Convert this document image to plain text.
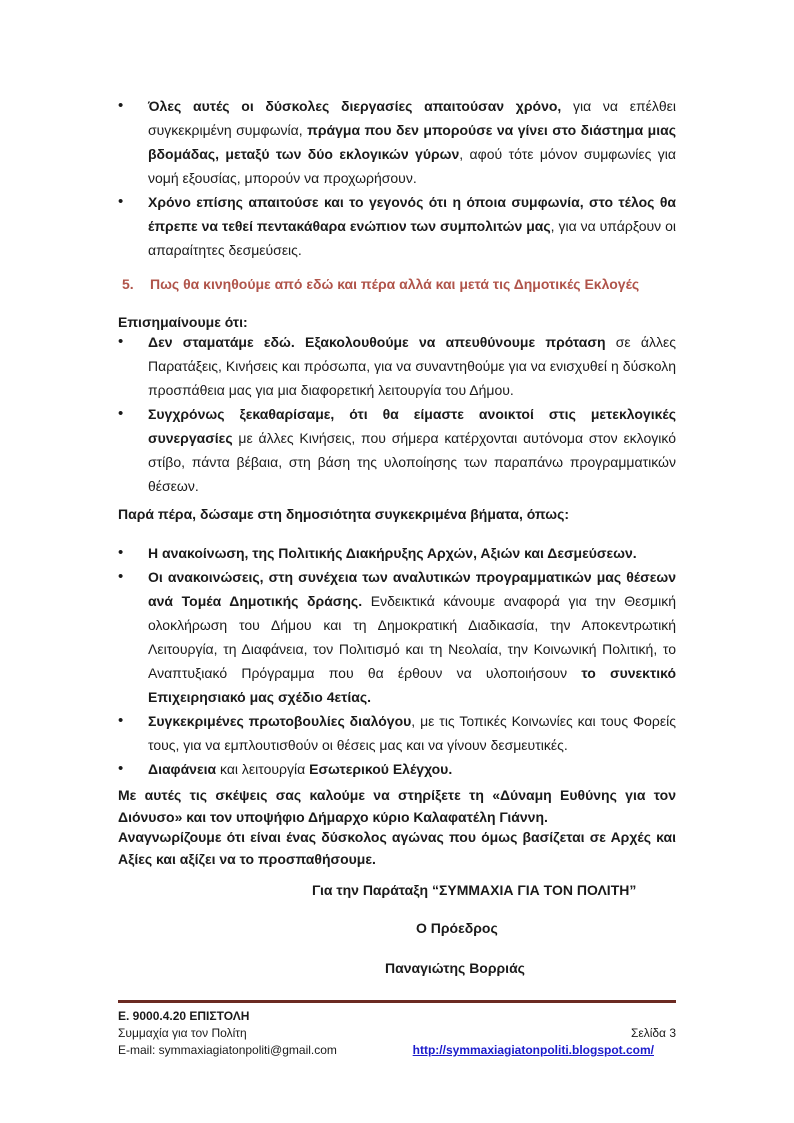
• Όλες αυτές οι δύσκολες διεργασίες απαιτούσαν χρόνο, για να επέλθει συγκεκριμένη συμφωνία, πράγμα που δεν μπορούσε να γίνει στο διάστημα μιας βδομάδας, μεταξύ των δύο εκλογικών γύρων, αφού τότε μόνον συμφωνίες για νομή εξουσίας, μπορούν να προχωρήσουν.

• Χρόνο επίσης απαιτούσε και το γεγονός ότι η όποια συμφωνία, στο τέλος θα έπρεπε να τεθεί πεντακάθαρα ενώπιον των συμπολιτών μας, για να υπάρξουν οι απαραίτητες δεσμεύσεις.

5. Πως θα κινηθούμε από εδώ και πέρα αλλά και μετά τις Δημοτικές Εκλογές
Επισημαίνουμε ότι:

• Δεν σταματάμε εδώ. Εξακολουθούμε να απευθύνουμε πρόταση σε άλλες Παρατάξεις, Κινήσεις και πρόσωπα, για να συναντηθούμε για να ενισχυθεί η δύσκολη προσπάθεια μας για μια διαφορετική λειτουργία του Δήμου.

• Συγχρόνως ξεκαθαρίσαμε, ότι θα είμαστε ανοικτοί στις μετεκλογικές συνεργασίες με άλλες Κινήσεις, που σήμερα κατέρχονται αυτόνομα στον εκλογικό στίβο, πάντα βέβαια, στη βάση της υλοποίησης των παραπάνω προγραμματικών θέσεων.

Παρά πέρα, δώσαμε στη δημοσιότητα συγκεκριμένα βήματα, όπως:

• Η ανακοίνωση, της Πολιτικής Διακήρυξης Αρχών, Αξιών και Δεσμεύσεων.

• Οι ανακοινώσεις, στη συνέχεια των αναλυτικών προγραμματικών μας θέσεων ανά Τομέα Δημοτικής δράσης. Ενδεικτικά κάνουμε αναφορά για την Θεσμική ολοκλήρωση του Δήμου και τη Δημοκρατική Διαδικασία, την Αποκεντρωτική Λειτουργία, τη Διαφάνεια, τον Πολιτισμό και τη Νεολαία, την Κοινωνική Πολιτική, το Αναπτυξιακό Πρόγραμμα που θα έρθουν να υλοποιήσουν το συνεκτικό Επιχειρησιακό μας σχέδιο 4ετίας.

• Συγκεκριμένες πρωτοβουλίες διαλόγου, με τις Τοπικές Κοινωνίες και τους Φορείς τους, για να εμπλουτισθούν οι θέσεις μας και να γίνουν δεσμευτικές.

• Διαφάνεια και λειτουργία Εσωτερικού Ελέγχου.

Με αυτές τις σκέψεις σας καλούμε να στηρίξετε τη «Δύναμη Ευθύνης για τον Διόνυσο» και τον υποψήφιο Δήμαρχο κύριο Καλαφατέλη Γιάννη.
Αναγνωρίζουμε ότι είναι ένας δύσκολος αγώνας που όμως βασίζεται σε Αρχές και Αξίες και αξίζει να το προσπαθήσουμε.
Για την Παράταξη “ΣΥΜΜΑΧΙΑ ΓΙΑ ΤΟΝ ΠΟΛΙΤΗ”
Ο Πρόεδρος
Παναγιώτης Βορριάς
Ε. 9000.4.20 ΕΠΙΣΤΟΛΗ
Συμμαχία για τον Πολίτη	Σελίδα 3
E-mail: symmaxiagiatonpoliti@gmail.com	http://symmaxiagiatonpoliti.blogspot.com/
